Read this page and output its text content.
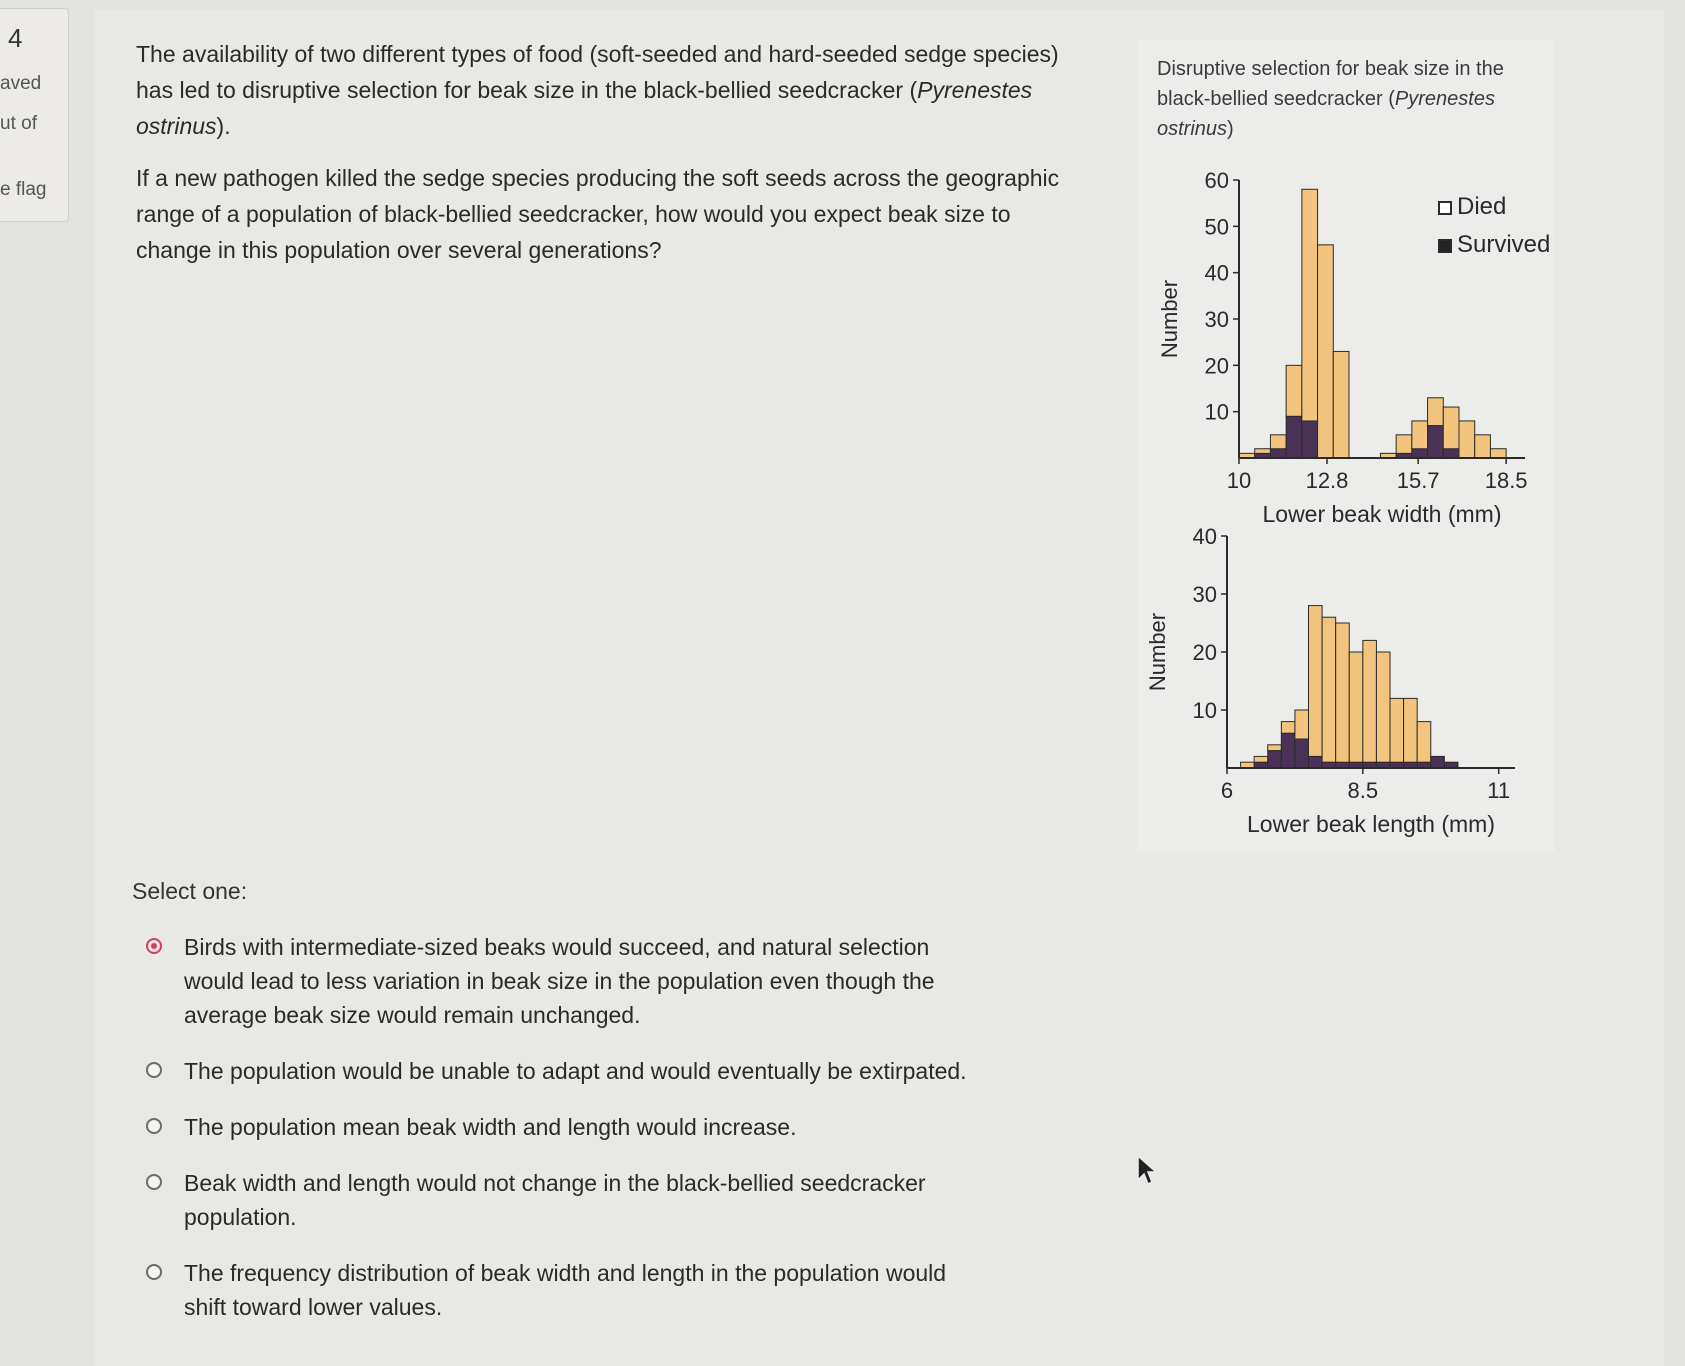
4
aved
ut of
e flag

The availability of two different types of food (soft-seeded and hard-seeded sedge species) has led to disruptive selection for beak size in the black-bellied seedcracker (Pyrenestes ostrinus).

If a new pathogen killed the sedge species producing the soft seeds across the geographic range of a population of black-bellied seedcracker, how would you expect beak size to change in this population over several generations?

Disruptive selection for beak size in the black-bellied seedcracker (Pyrenestes ostrinus)
10
20
30
40
50
60
10 12.8 15.7 18.5
Lower beak width (mm)
Number
Died
Survived
10
20
30
40
6	8.5	11
Lower beak length (mm)
Number
Select one:
Birds with intermediate-sized beaks would succeed, and natural selection would lead to less variation in beak size in the population even though the average beak size would remain unchanged.
The population would be unable to adapt and would eventually be extirpated.
The population mean beak width and length would increase.
Beak width and length would not change in the black-bellied seedcracker population.
The frequency distribution of beak width and length in the population would shift toward lower values.
